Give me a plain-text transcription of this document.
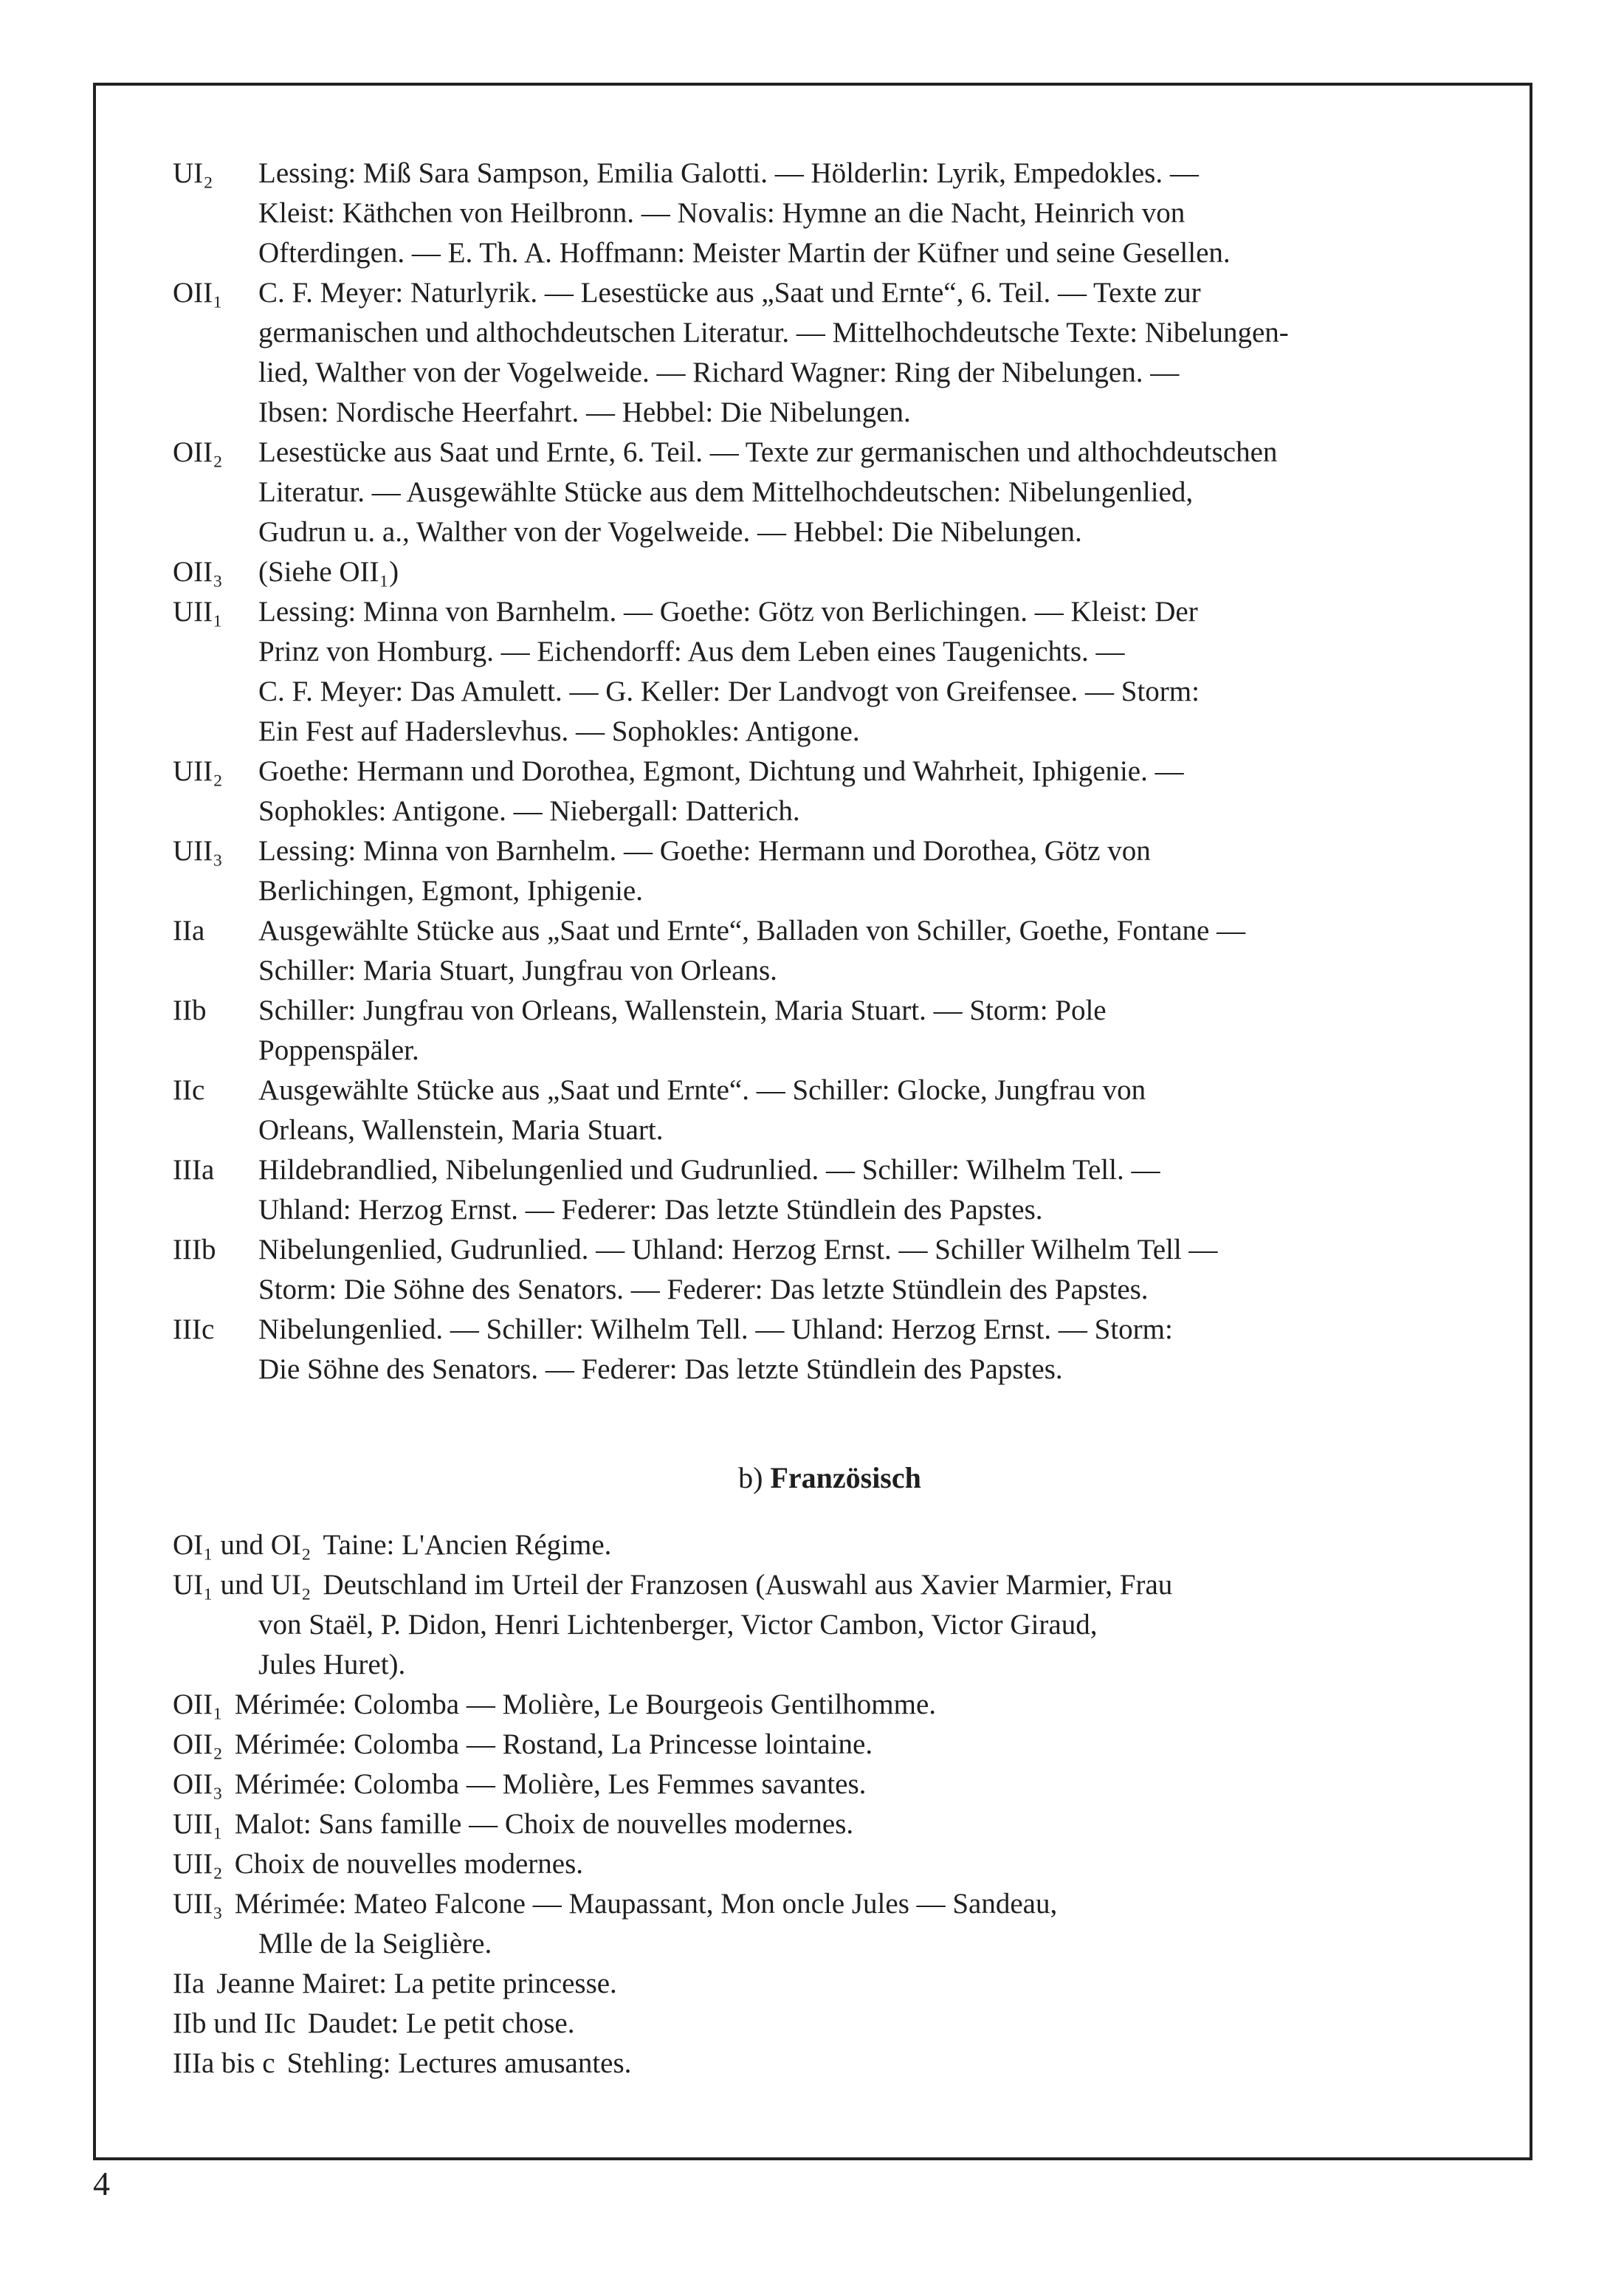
UI₂	Lessing: Miß Sara Sampson, Emilia Galotti. — Hölderlin: Lyrik, Empedokles. —
Kleist: Käthchen von Heilbronn. — Novalis: Hymne an die Nacht, Heinrich von
Ofterdingen. — E. Th. A. Hoffmann: Meister Martin der Küfner und seine Gesellen.
OII₁	C. F. Meyer: Naturlyrik. — Lesestücke aus „Saat und Ernte“, 6. Teil. — Texte zur
germanischen und althochdeutschen Literatur. — Mittelhochdeutsche Texte: Nibelungen-
lied, Walther von der Vogelweide. — Richard Wagner: Ring der Nibelungen. —
Ibsen: Nordische Heerfahrt. — Hebbel: Die Nibelungen.
OII₂	Lesestücke aus Saat und Ernte, 6. Teil. — Texte zur germanischen und althochdeutschen
Literatur. — Ausgewählte Stücke aus dem Mittelhochdeutschen: Nibelungenlied,
Gudrun u. a., Walther von der Vogelweide. — Hebbel: Die Nibelungen.
OII₃	(Siehe OII₁)
UII₁	Lessing: Minna von Barnhelm. — Goethe: Götz von Berlichingen. — Kleist: Der
Prinz von Homburg. — Eichendorff: Aus dem Leben eines Taugenichts. —
C. F. Meyer: Das Amulett. — G. Keller: Der Landvogt von Greifensee. — Storm:
Ein Fest auf Haderslevhus. — Sophokles: Antigone.
UII₂	Goethe: Hermann und Dorothea, Egmont, Dichtung und Wahrheit, Iphigenie. —
Sophokles: Antigone. — Niebergall: Datterich.
UII₃	Lessing: Minna von Barnhelm. — Goethe: Hermann und Dorothea, Götz von
Berlichingen, Egmont, Iphigenie.
IIa	Ausgewählte Stücke aus „Saat und Ernte“, Balladen von Schiller, Goethe, Fontane —
Schiller: Maria Stuart, Jungfrau von Orleans.
IIb	Schiller: Jungfrau von Orleans, Wallenstein, Maria Stuart. — Storm: Pole
Poppenspäler.
IIc	Ausgewählte Stücke aus „Saat und Ernte“. — Schiller: Glocke, Jungfrau von
Orleans, Wallenstein, Maria Stuart.
IIIa	Hildebrandlied, Nibelungenlied und Gudrunlied. — Schiller: Wilhelm Tell. —
Uhland: Herzog Ernst. — Federer: Das letzte Stündlein des Papstes.
IIIb	Nibelungenlied, Gudrunlied. — Uhland: Herzog Ernst. — Schiller Wilhelm Tell —
Storm: Die Söhne des Senators. — Federer: Das letzte Stündlein des Papstes.
IIIc	Nibelungenlied. — Schiller: Wilhelm Tell. — Uhland: Herzog Ernst. — Storm:
Die Söhne des Senators. — Federer: Das letzte Stündlein des Papstes.
b) Französisch
OI₁ und OI₂ Taine: L'Ancien Régime.
UI₁ und UI₂ Deutschland im Urteil der Franzosen (Auswahl aus Xavier Marmier, Frau
von Staël, P. Didon, Henri Lichtenberger, Victor Cambon, Victor Giraud,
Jules Huret).
OII₁ Mérimée: Colomba — Molière, Le Bourgeois Gentilhomme.
OII₂ Mérimée: Colomba — Rostand, La Princesse lointaine.
OII₃ Mérimée: Colomba — Molière, Les Femmes savantes.
UII₁ Malot: Sans famille — Choix de nouvelles modernes.
UII₂ Choix de nouvelles modernes.
UII₃ Mérimée: Mateo Falcone — Maupassant, Mon oncle Jules — Sandeau,
Mlle de la Seiglière.
IIa Jeanne Mairet: La petite princesse.
IIb und IIc Daudet: Le petit chose.
IIIa bis c Stehling: Lectures amusantes.
4
